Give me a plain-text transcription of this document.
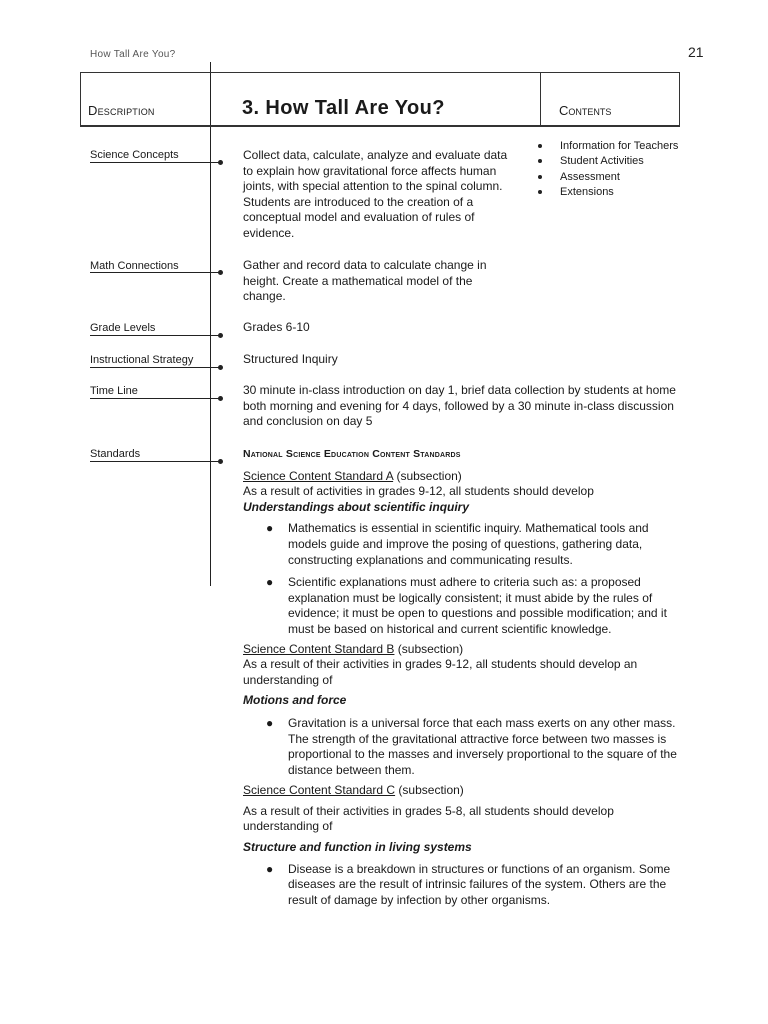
How Tall Are You?	21
Description	3. How Tall Are You?	Contents
Information for Teachers
Student Activities
Assessment
Extensions
Science Concepts	Collect data, calculate, analyze and evaluate data to explain how gravitational force affects human joints, with special attention to the spinal column. Students are introduced to the creation of a conceptual model and evaluation of rules of evidence.
Math Connections	Gather and record data to calculate change in height. Create a mathematical model of the change.
Grade Levels	Grades 6-10
Instructional Strategy	Structured Inquiry
Time Line	30 minute in-class introduction on day 1, brief data collection by students at home both morning and evening for 4 days, followed by a 30 minute in-class discussion and conclusion on day 5
Standards	National Science Education Content Standards

Science Content Standard A (subsection)

As a result of activities in grades 9-12, all students should develop

Understandings about scientific inquiry

● Mathematics is essential in scientific inquiry. Mathematical tools and models guide and improve the posing of questions, gathering data, constructing explanations and communicating results.
● Scientific explanations must adhere to criteria such as: a proposed explanation must be logically consistent; it must abide by the rules of evidence; it must be open to questions and possible modification; and it must be based on historical and current scientific knowledge.

Science Content Standard B (subsection)

As a result of their activities in grades 9-12, all students should develop an understanding of

Motions and force

● Gravitation is a universal force that each mass exerts on any other mass. The strength of the gravitational attractive force between two masses is proportional to the masses and inversely proportional to the square of the distance between them.

Science Content Standard C (subsection)

As a result of their activities in grades 5-8, all students should develop understanding of

Structure and function in living systems

● Disease is a breakdown in structures or functions of an organism. Some diseases are the result of intrinsic failures of the system. Others are the result of damage by infection by other organisms.
